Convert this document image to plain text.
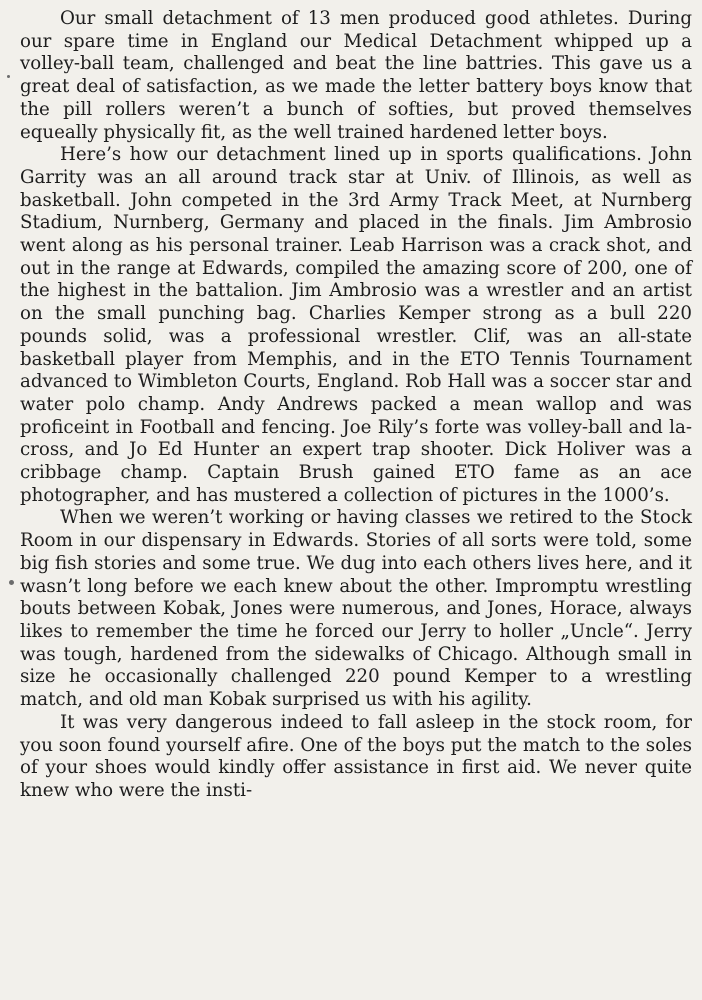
Our small detachment of 13 men produced good athletes. During our spare time in England our Medical Detachment whipped up a volley-ball team, challenged and beat the line battries. This gave us a great deal of satisfaction, as we made the letter battery boys know that the pill rollers weren’t a bunch of softies, but proved themselves equeally physically fit, as the well trained hardened letter boys.

Here’s how our detachment lined up in sports qualifications. John Garrity was an all around track star at Univ. of Illinois, as well as basketball. John competed in the 3rd Army Track Meet, at Nurnberg Stadium, Nurnberg, Germany and placed in the finals. Jim Ambrosio went along as his personal trainer. Leab Harrison was a crack shot, and out in the range at Edwards, compiled the amazing score of 200, one of the highest in the battalion. Jim Ambrosio was a wrestler and an artist on the small punching bag. Charlies Kemper strong as a bull 220 pounds solid, was a professional wrestler. Clif, was an all-state basketball player from Memphis, and in the ETO Tennis Tournament advanced to Wimbleton Courts, England. Rob Hall was a soccer star and water polo champ. Andy Andrews packed a mean wallop and was proficeint in Football and fencing. Joe Rily’s forte was volley-ball and la-cross, and Jo Ed Hunter an expert trap shooter. Dick Holiver was a cribbage champ. Captain Brush gained ETO fame as an ace photographer, and has mustered a collection of pictures in the 1000’s.

When we weren’t working or having classes we retired to the Stock Room in our dispensary in Edwards. Stories of all sorts were told, some big fish stories and some true. We dug into each others lives here, and it wasn’t long before we each knew about the other. Impromptu wrestling bouts between Kobak, Jones were numerous, and Jones, Horace, always likes to remember the time he forced our Jerry to holler „Uncle“. Jerry was tough, hardened from the sidewalks of Chicago. Although small in size he occasionally challenged 220 pound Kemper to a wrestling match, and old man Kobak surprised us with his agility.

It was very dangerous indeed to fall asleep in the stock room, for you soon found yourself afire. One of the boys put the match to the soles of your shoes would kindly offer assistance in first aid. We never quite knew who were the insti-
